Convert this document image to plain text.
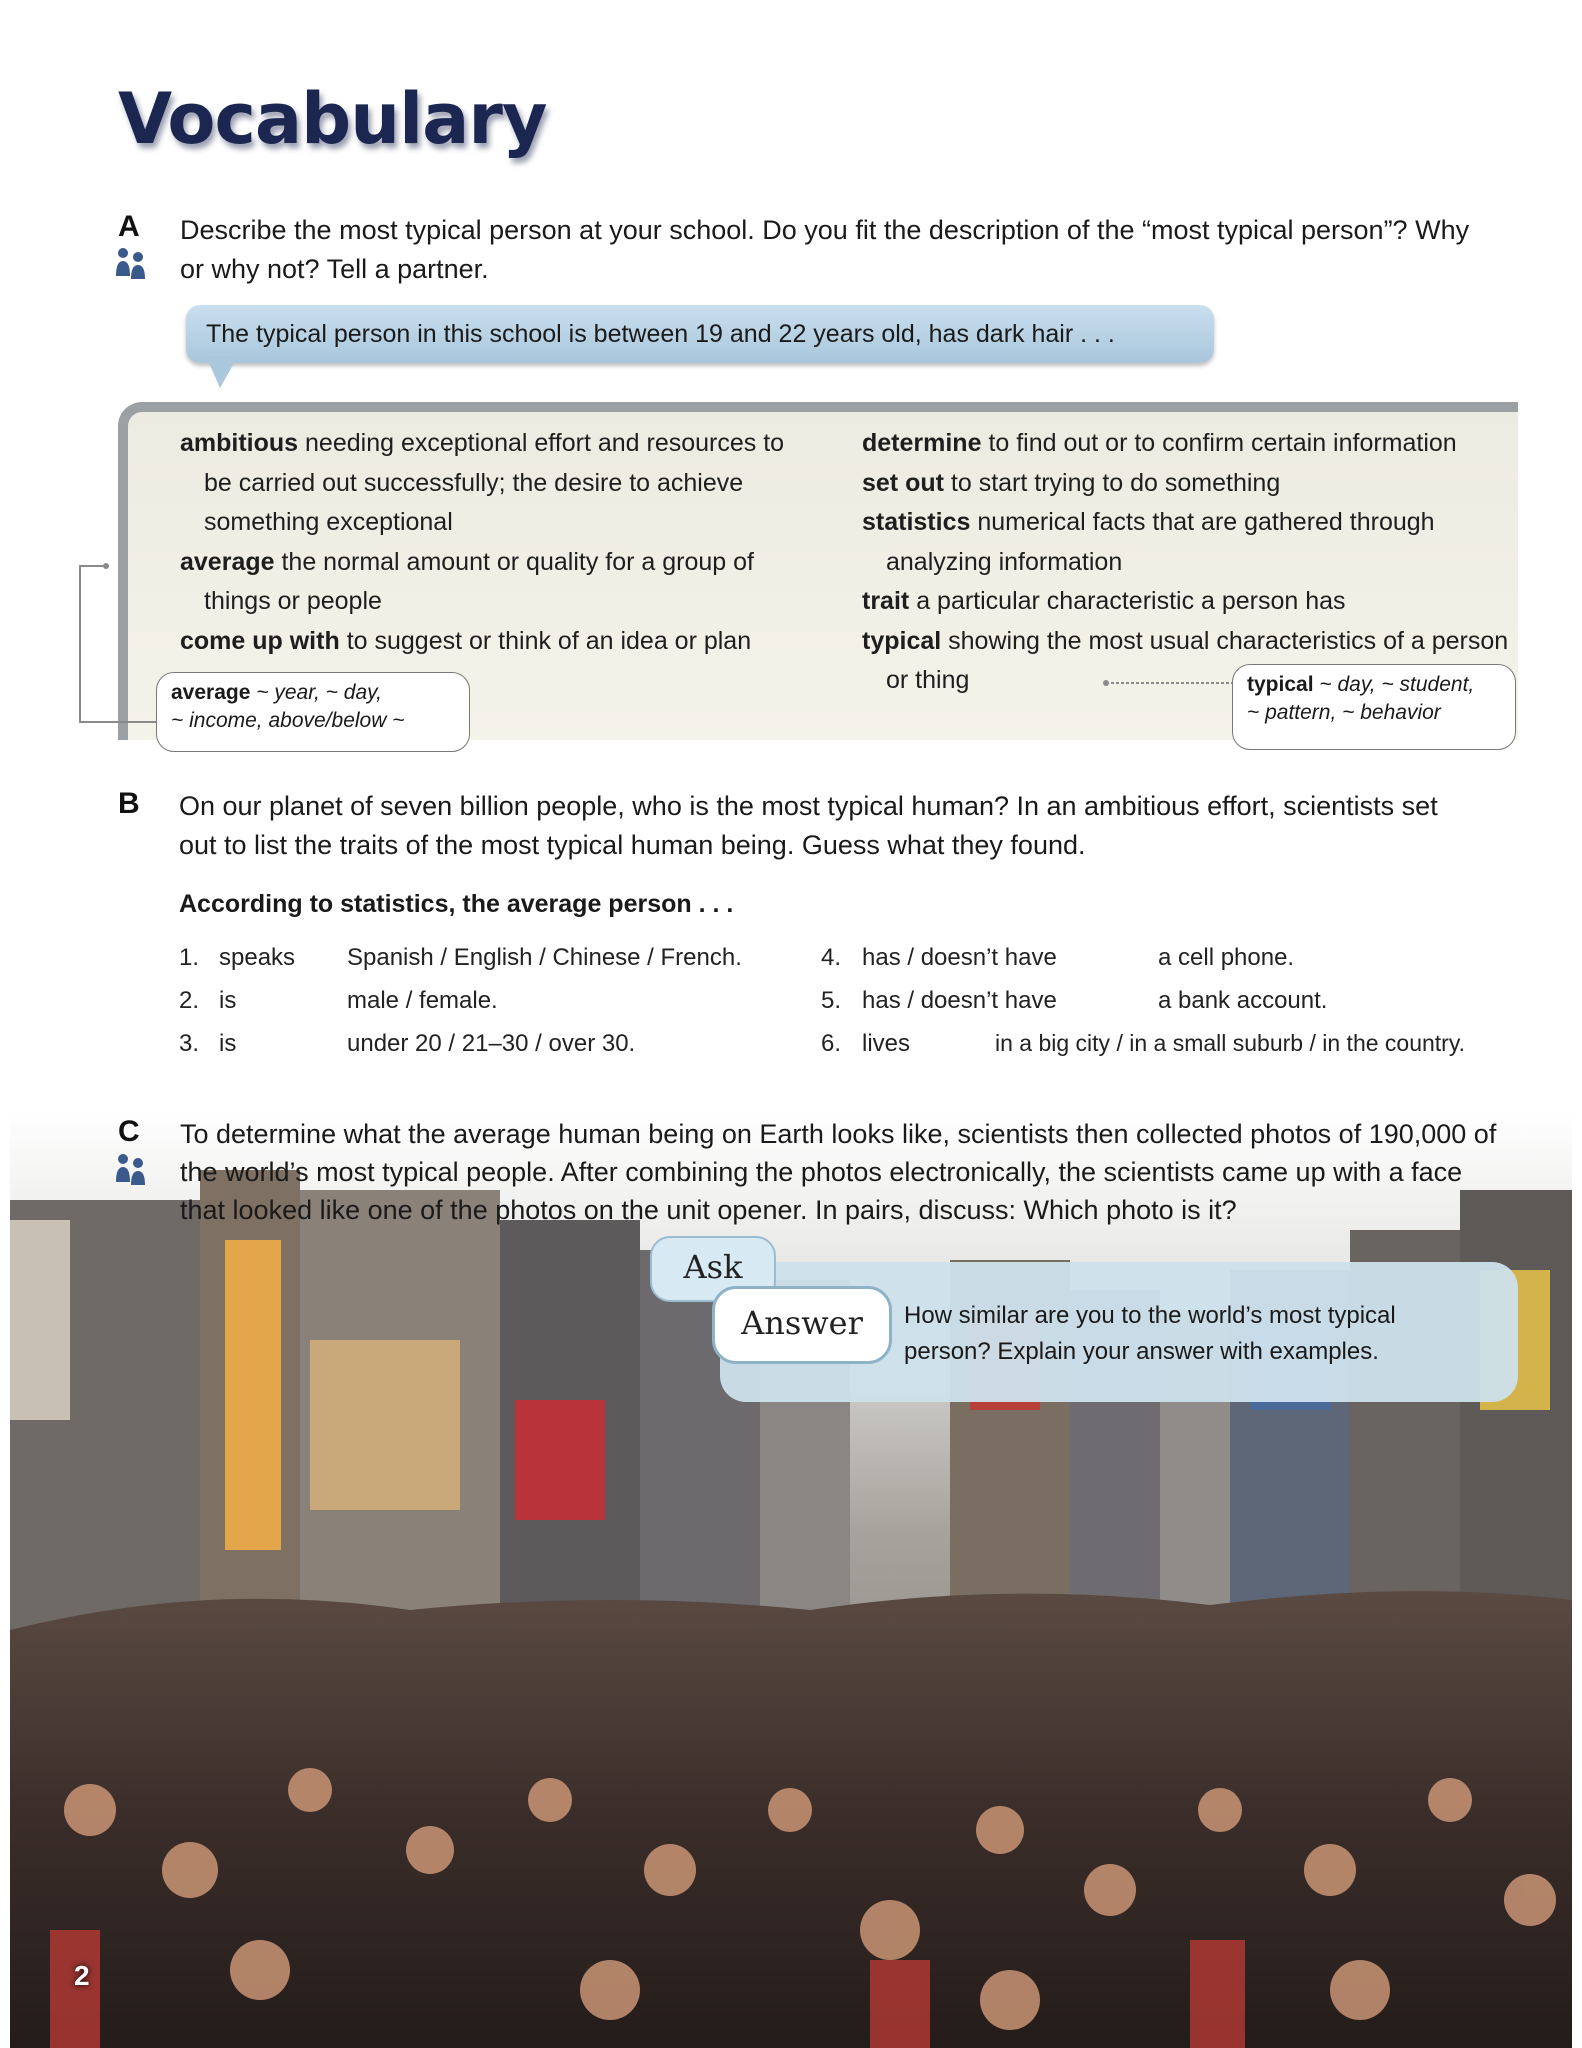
Vocabulary
A Describe the most typical person at your school. Do you fit the description of the “most typical person”? Why or why not? Tell a partner.
The typical person in this school is between 19 and 22 years old, has dark hair . . .

ambitious needing exceptional effort and resources to be carried out successfully; the desire to achieve something exceptional

average the normal amount or quality for a group of things or people

come up with to suggest or think of an idea or plan

determine to find out or to confirm certain information

set out to start trying to do something

statistics numerical facts that are gathered through analyzing information

trait a particular characteristic a person has

typical showing the most usual characteristics of a person or thing

average ~ year, ~ day,
~ income, above/below ~
typical ~ day, ~ student,
~ pattern, ~ behavior
B On our planet of seven billion people, who is the most typical human? In an ambitious effort, scientists set out to list the traits of the most typical human being. Guess what they found.
According to statistics, the average person . . .
1. speaks Spanish / English / Chinese / French.
2. is	male / female.
3. is	under 20 / 21–30 / over 30.
4. has / doesn’t have	a cell phone.
5. has / doesn’t have	a bank account.
6. lives	in a big city / in a small suburb / in the country.
C To determine what the average human being on Earth looks like, scientists then collected photos of 190,000 of the world’s most typical people. After combining the photos electronically, the scientists came up with a face that looked like one of the photos on the unit opener. In pairs, discuss: Which photo is it?
Ask
Answer	How similar are you to the world’s most typical person? Explain your answer with examples.
2
